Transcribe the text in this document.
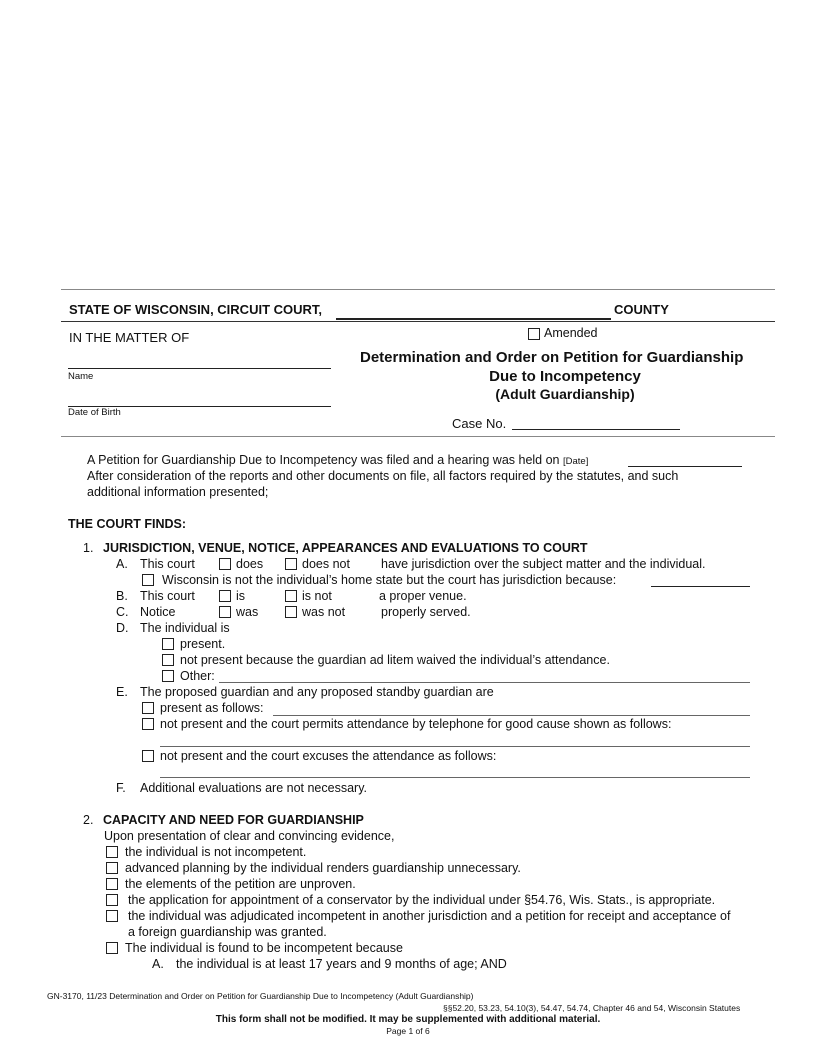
STATE OF WISCONSIN, CIRCUIT COURT,	COUNTY
IN THE MATTER OF
Name
Date of Birth
Amended
Determination and Order on Petition for Guardianship
Due to Incompetency
(Adult Guardianship)
Case No.
A Petition for Guardianship Due to Incompetency was filed and a hearing was held on [Date]
After consideration of the reports and other documents on file, all factors required by the statutes, and such
additional information presented;
THE COURT FINDS:
1. JURISDICTION, VENUE, NOTICE, APPEARANCES AND EVALUATIONS TO COURT
A. This court	does	does not have jurisdiction over the subject matter and the individual.
Wisconsin is not the individual’s home state but the court has jurisdiction because:
B. This court	is	is not	a proper venue.
C. Notice	was	was not	properly served.
D. The individual is
present.
not present because the guardian ad litem waived the individual’s attendance.
Other:
E. The proposed guardian and any proposed standby guardian are
present as follows:
not present and the court permits attendance by telephone for good cause shown as follows:
not present and the court excuses the attendance as follows:
F. Additional evaluations are not necessary.
2. CAPACITY AND NEED FOR GUARDIANSHIP
Upon presentation of clear and convincing evidence,
the individual is not incompetent.
advanced planning by the individual renders guardianship unnecessary.
the elements of the petition are unproven.
the application for appointment of a conservator by the individual under §54.76, Wis. Stats., is appropriate.
the individual was adjudicated incompetent in another jurisdiction and a petition for receipt and acceptance of
a foreign guardianship was granted.
The individual is found to be incompetent because
A. the individual is at least 17 years and 9 months of age; AND
GN-3170, 11/23 Determination and Order on Petition for Guardianship Due to Incompetency (Adult Guardianship)
§§52.20, 53.23, 54.10(3), 54.47, 54.74, Chapter 46 and 54, Wisconsin Statutes
This form shall not be modified. It may be supplemented with additional material.
Page 1 of 6
